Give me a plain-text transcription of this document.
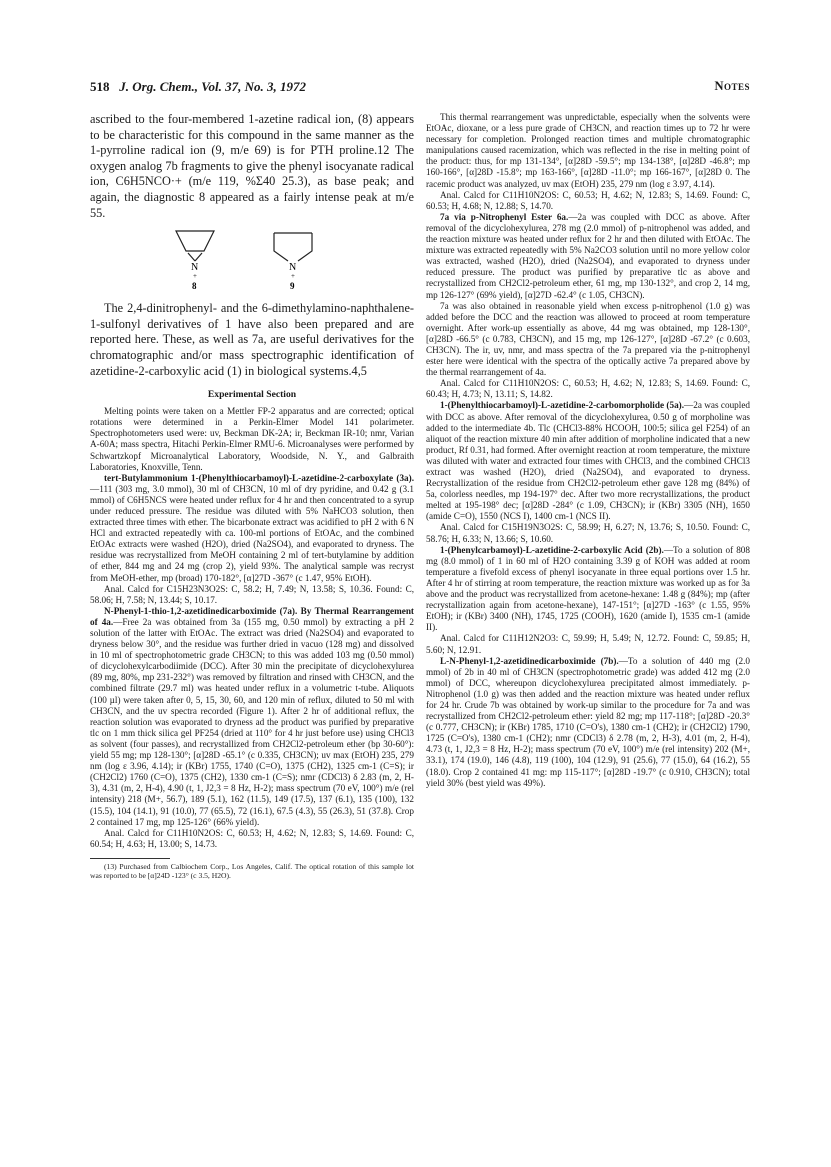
518 J. Org. Chem., Vol. 37, No. 3, 1972	Notes

ascribed to the four-membered 1-azetine radical ion, (8) appears to be characteristic for this compound in the same manner as the 1-pyrroline radical ion (9, m/e 69) is for PTH proline.12 The oxygen analog 7b fragments to give the phenyl isocyanate radical ion, C6H5NCO·+ (m/e 119, %Σ40 25.3), as base peak; and again, the diagnostic 8 appeared as a fairly intense peak at m/e 55.

N
+
8
N
+
9

The 2,4-dinitrophenyl- and the 6-dimethylamino-naphthalene-1-sulfonyl derivatives of 1 have also been prepared and are reported here. These, as well as 7a, are useful derivatives for the chromatographic and/or mass spectrographic identification of azetidine-2-carboxylic acid (1) in biological systems.4,5

Experimental Section

Melting points were taken on a Mettler FP-2 apparatus and are corrected; optical rotations were determined in a Perkin-Elmer Model 141 polarimeter. Spectrophotometers used were: uv, Beckman DK-2A; ir, Beckman IR-10; nmr, Varian A-60A; mass spectra, Hitachi Perkin-Elmer RMU-6. Microanalyses were performed by Schwartzkopf Microanalytical Laboratory, Woodside, N. Y., and Galbraith Laboratories, Knoxville, Tenn.

tert-Butylammonium 1-(Phenylthiocarbamoyl)-L-azetidine-2-carboxylate (3a).—111 (303 mg, 3.0 mmol), 30 ml of CH3CN, 10 ml of dry pyridine, and 0.42 g (3.1 mmol) of C6H5NCS were heated under reflux for 4 hr and then concentrated to a syrup under reduced pressure. The residue was diluted with 5% NaHCO3 solution, then extracted three times with ether. The bicarbonate extract was acidified to pH 2 with 6 N HCl and extracted repeatedly with ca. 100-ml portions of EtOAc, and the combined EtOAc extracts were washed (H2O), dried (Na2SO4), and evaporated to dryness. The residue was recrystallized from MeOH containing 2 ml of tert-butylamine by addition of ether, 844 mg and 24 mg (crop 2), yield 93%. The analytical sample was recryst from MeOH-ether, mp (broad) 170-182°, [α]27D -367° (c 1.47, 95% EtOH).

Anal. Calcd for C15H23N3O2S: C, 58.2; H, 7.49; N, 13.58; S, 10.36. Found: C, 58.06; H, 7.58; N, 13.44; S, 10.17.

N-Phenyl-1-thio-1,2-azetidinedicarboximide (7a). By Thermal Rearrangement of 4a.—Free 2a was obtained from 3a (155 mg, 0.50 mmol) by extracting a pH 2 solution of the latter with EtOAc. The extract was dried (Na2SO4) and evaporated to dryness below 30°, and the residue was further dried in vacuo (128 mg) and dissolved in 10 ml of spectrophotometric grade CH3CN; to this was added 103 mg (0.50 mmol) of dicyclohexylcarbodiimide (DCC). After 30 min the precipitate of dicyclohexylurea (89 mg, 80%, mp 231-232°) was removed by filtration and rinsed with CH3CN, and the combined filtrate (29.7 ml) was heated under reflux in a volumetric t-tube. Aliquots (100 µl) were taken after 0, 5, 15, 30, 60, and 120 min of reflux, diluted to 50 ml with CH3CN, and the uv spectra recorded (Figure 1). After 2 hr of additional reflux, the reaction solution was evaporated to dryness ad the product was purified by preparative tlc on 1 mm thick silica gel PF254 (dried at 110° for 4 hr just before use) using CHCl3 as solvent (four passes), and recrystallized from CH2Cl2-petroleum ether (bp 30-60°): yield 55 mg; mp 128-130°; [α]28D -65.1° (c 0.335, CH3CN); uv max (EtOH) 235, 279 nm (log ε 3.96, 4.14); ir (KBr) 1755, 1740 (C=O), 1375 (CH2), 1325 cm-1 (C=S); ir (CH2Cl2) 1760 (C=O), 1375 (CH2), 1330 cm-1 (C=S); nmr (CDCl3) δ 2.83 (m, 2, H-3), 4.31 (m, 2, H-4), 4.90 (t, 1, J2,3 = 8 Hz, H-2); mass spectrum (70 eV, 100°) m/e (rel intensity) 218 (M+, 56.7), 189 (5.1), 162 (11.5), 149 (17.5), 137 (6.1), 135 (100), 132 (15.5), 104 (14.1), 91 (10.0), 77 (65.5), 72 (16.1), 67.5 (4.3), 55 (26.3), 51 (37.8). Crop 2 contained 17 mg, mp 125-126° (66% yield).

Anal. Calcd for C11H10N2OS: C, 60.53; H, 4.62; N, 12.83; S, 14.69. Found: C, 60.54; H, 4.63; H, 13.00; S, 14.73.

(13) Purchased from Calbiochem Corp., Los Angeles, Calif. The optical rotation of this sample lot was reported to be [α]24D -123° (c 3.5, H2O).

This thermal rearrangement was unpredictable, especially when the solvents were EtOAc, dioxane, or a less pure grade of CH3CN, and reaction times up to 72 hr were necessary for completion. Prolonged reaction times and multiple chromatographic manipulations caused racemization, which was reflected in the rise in melting point of the product: thus, for mp 131-134°, [α]28D -59.5°; mp 134-138°, [α]28D -46.8°; mp 160-166°, [α]28D -15.8°; mp 163-166°, [α]28D -11.0°; mp 166-167°, [α]28D 0. The racemic product was analyzed, uv max (EtOH) 235, 279 nm (log ε 3.97, 4.14).

Anal. Calcd for C11H10N2OS: C, 60.53; H, 4.62; N, 12.83; S, 14.69. Found: C, 60.53; H, 4.68; N, 12.88; S, 14.70.

7a via p-Nitrophenyl Ester 6a.—2a was coupled with DCC as above. After removal of the dicyclohexylurea, 278 mg (2.0 mmol) of p-nitrophenol was added, and the reaction mixture was heated under reflux for 2 hr and then diluted with EtOAc. The mixture was extracted repeatedly with 5% Na2CO3 solution until no more yellow color was extracted, washed (H2O), dried (Na2SO4), and evaporated to dryness under reduced pressure. The product was purified by preparative tlc as above and recrystallized from CH2Cl2-petroleum ether, 61 mg, mp 130-132°, and crop 2, 14 mg, mp 126-127° (69% yield), [α]27D -62.4° (c 1.05, CH3CN).

7a was also obtained in reasonable yield when excess p-nitrophenol (1.0 g) was added before the DCC and the reaction was allowed to proceed at room temperature overnight. After work-up essentially as above, 44 mg was obtained, mp 128-130°, [α]28D -66.5° (c 0.783, CH3CN), and 15 mg, mp 126-127°, [α]28D -67.2° (c 0.603, CH3CN). The ir, uv, nmr, and mass spectra of the 7a prepared via the p-nitrophenyl ester here were identical with the spectra of the optically active 7a prepared above by the thermal rearrangement of 4a.

Anal. Calcd for C11H10N2OS: C, 60.53; H, 4.62; N, 12.83; S, 14.69. Found: C, 60.43; H, 4.73; N, 13.11; S, 14.82.

1-(Phenylthiocarbamoyl)-L-azetidine-2-carbomorpholide (5a).—2a was coupled with DCC as above. After removal of the dicyclohexylurea, 0.50 g of morpholine was added to the intermediate 4b. Tlc (CHCl3-88% HCOOH, 100:5; silica gel F254) of an aliquot of the reaction mixture 40 min after addition of morpholine indicated that a new product, Rf 0.31, had formed. After overnight reaction at room temperature, the mixture was diluted with water and extracted four times with CHCl3, and the combined CHCl3 extract was washed (H2O), dried (Na2SO4), and evaporated to dryness. Recrystallization of the residue from CH2Cl2-petroleum ether gave 128 mg (84%) of 5a, colorless needles, mp 194-197° dec. After two more recrystallizations, the product melted at 195-198° dec; [α]28D -284° (c 1.09, CH3CN); ir (KBr) 3305 (NH), 1650 (amide C=O), 1550 (NCS I), 1400 cm-1 (NCS II).

Anal. Calcd for C15H19N3O2S: C, 58.99; H, 6.27; N, 13.76; S, 10.50. Found: C, 58.76; H, 6.33; N, 13.66; S, 10.60.

1-(Phenylcarbamoyl)-L-azetidine-2-carboxylic Acid (2b).—To a solution of 808 mg (8.0 mmol) of 1 in 60 ml of H2O containing 3.39 g of KOH was added at room temperature a fivefold excess of phenyl isocyanate in three equal portions over 1.5 hr. After 4 hr of stirring at room temperature, the reaction mixture was worked up as for 3a above and the product was recrystallized from acetone-hexane: 1.48 g (84%); mp (after recrystallization again from acetone-hexane), 147-151°; [α]27D -163° (c 1.55, 95% EtOH); ir (KBr) 3400 (NH), 1745, 1725 (COOH), 1620 (amide I), 1535 cm-1 (amide II).

Anal. Calcd for C11H12N2O3: C, 59.99; H, 5.49; N, 12.72. Found: C, 59.85; H, 5.60; N, 12.91.

L-N-Phenyl-1,2-azetidinedicarboximide (7b).—To a solution of 440 mg (2.0 mmol) of 2b in 40 ml of CH3CN (spectrophotometric grade) was added 412 mg (2.0 mmol) of DCC, whereupon dicyclohexylurea precipitated almost immediately. p-Nitrophenol (1.0 g) was then added and the reaction mixture was heated under reflux for 24 hr. Crude 7b was obtained by work-up similar to the procedure for 7a and was recrystallized from CH2Cl2-petroleum ether: yield 82 mg; mp 117-118°; [α]28D -20.3° (c 0.777, CH3CN); ir (KBr) 1785, 1710 (C=O's), 1380 cm-1 (CH2); ir (CH2Cl2) 1790, 1725 (C=O's), 1380 cm-1 (CH2); nmr (CDCl3) δ 2.78 (m, 2, H-3), 4.01 (m, 2, H-4), 4.73 (t, 1, J2,3 = 8 Hz, H-2); mass spectrum (70 eV, 100°) m/e (rel intensity) 202 (M+, 33.1), 174 (19.0), 146 (4.8), 119 (100), 104 (12.9), 91 (25.6), 77 (15.0), 64 (16.2), 55 (18.0). Crop 2 contained 41 mg: mp 115-117°; [α]28D -19.7° (c 0.910, CH3CN); total yield 30% (best yield was 49%).
